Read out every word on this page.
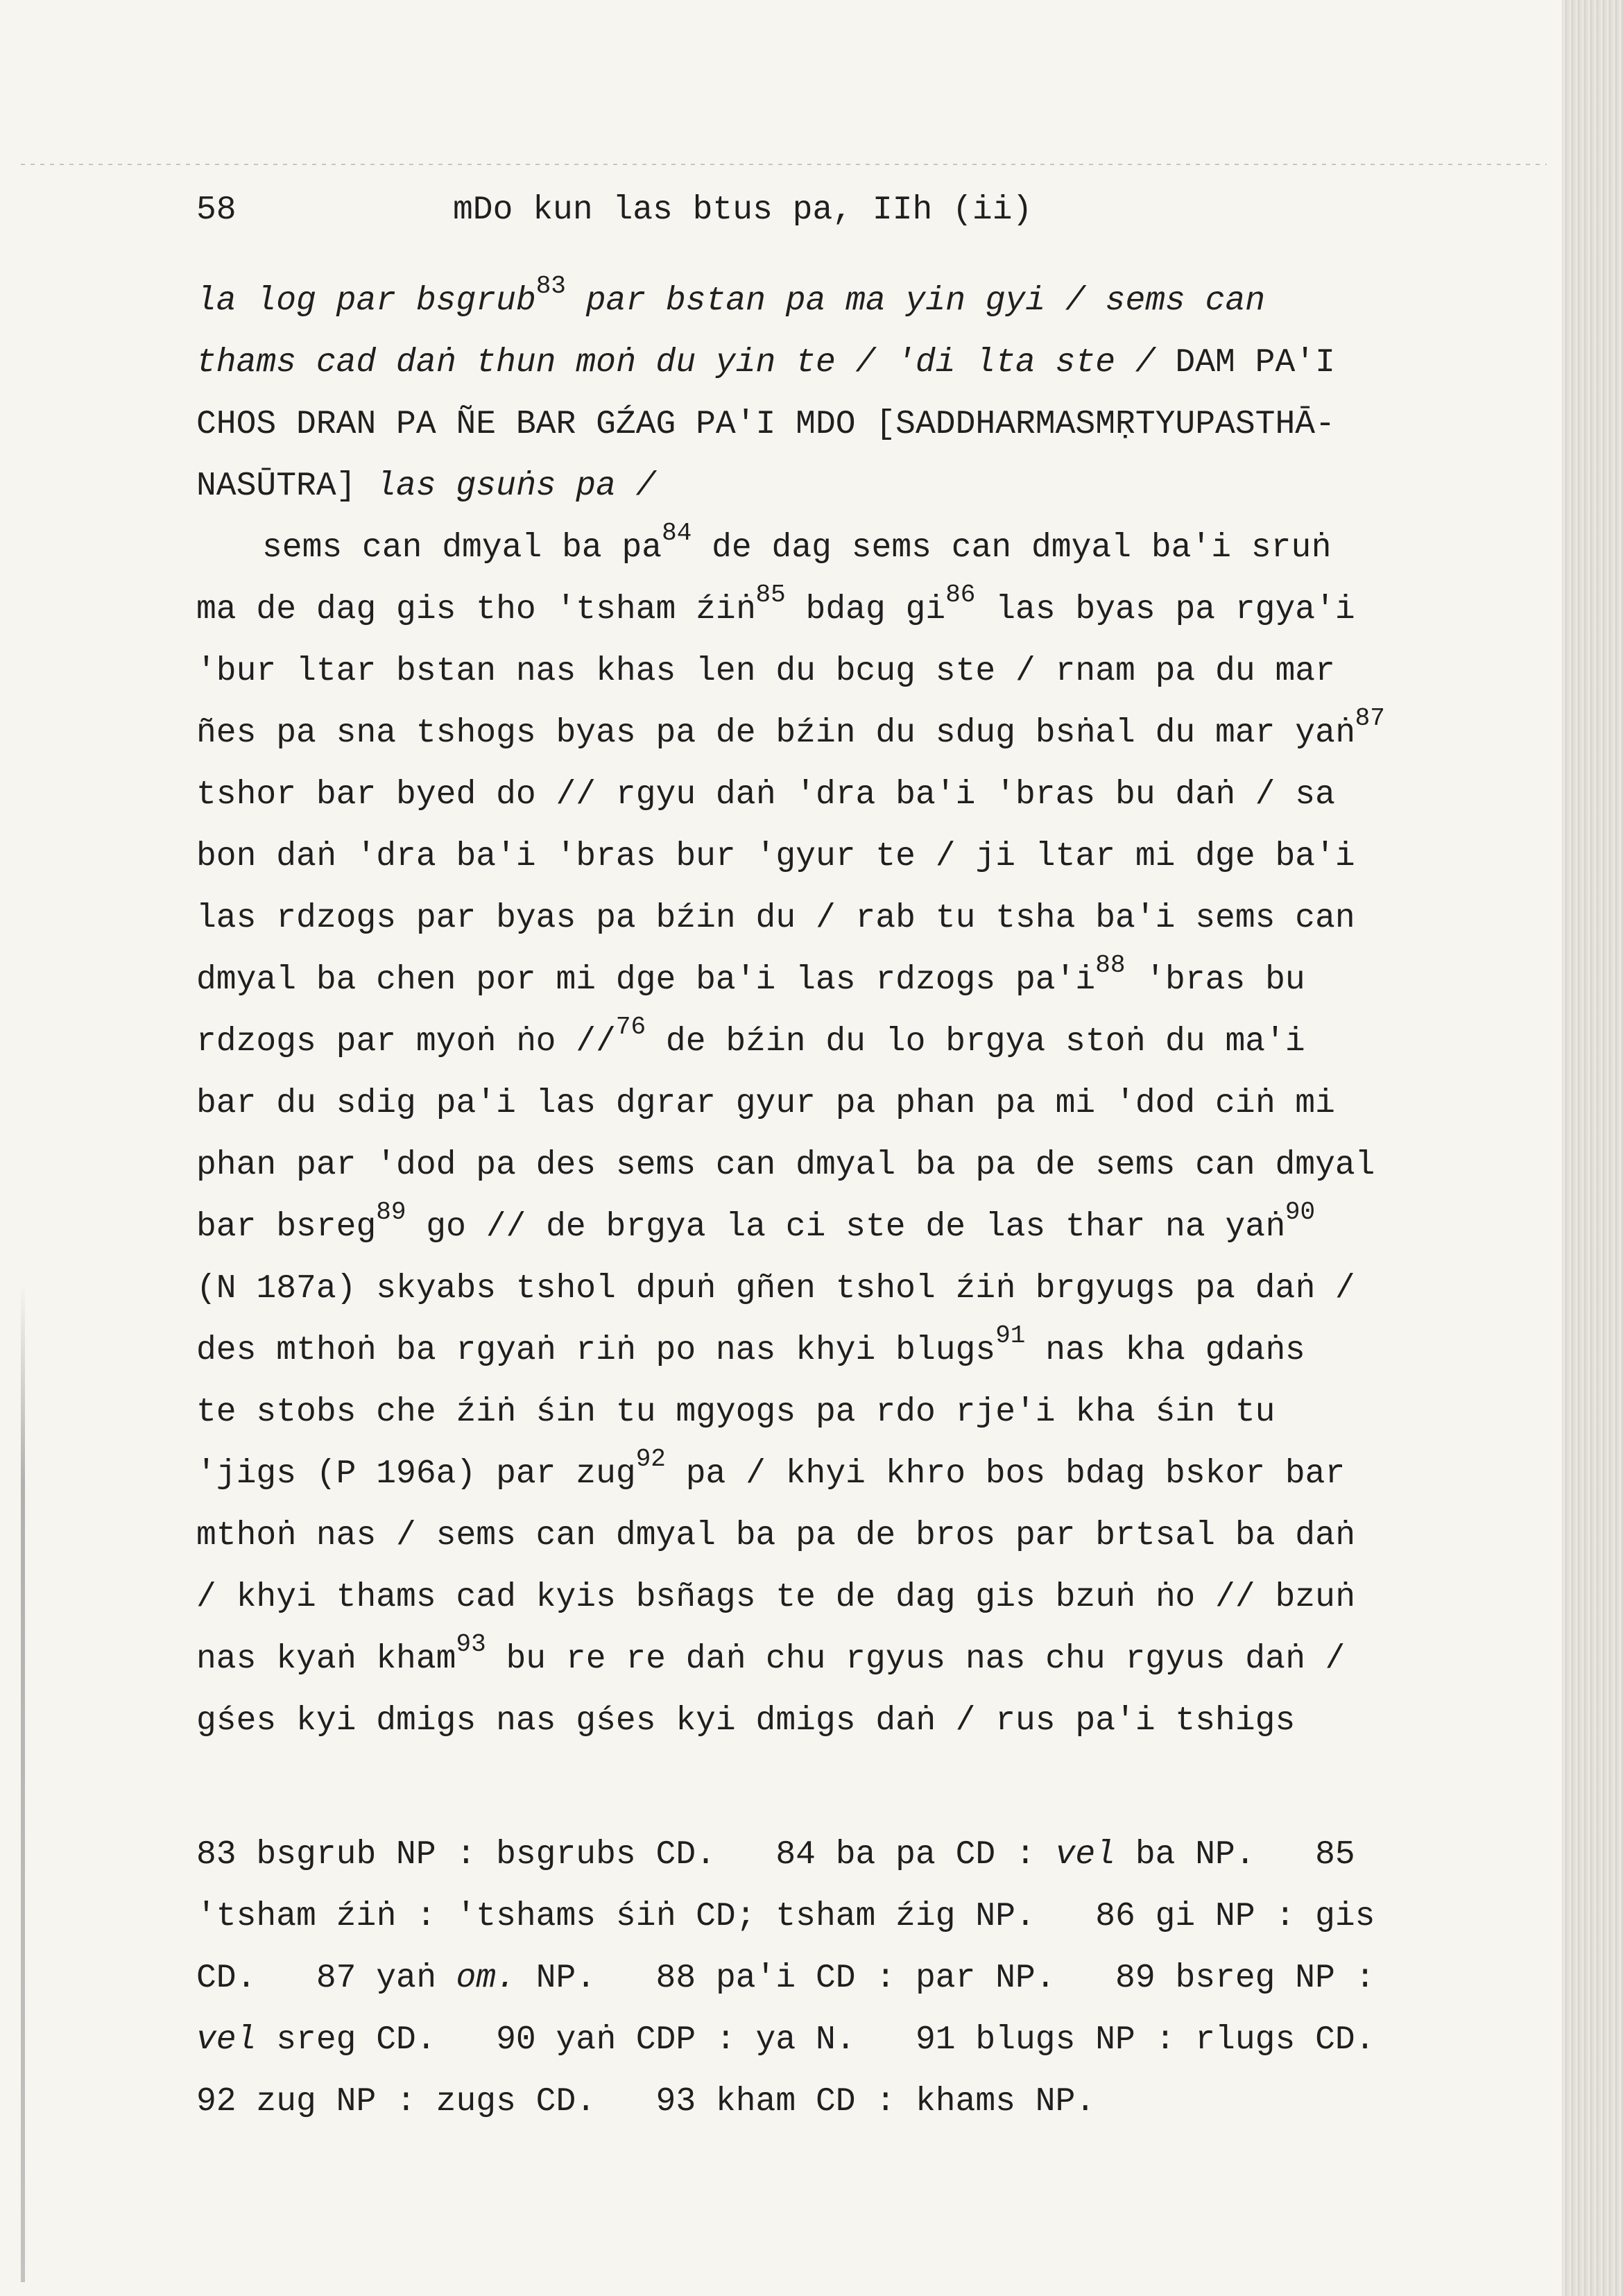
58

	mDo kun las btus pa, IIh (ii)

la log par bsgrub$^{83}$ par bstan pa ma yin gyi / sems can
thams cad daṅ thun moṅ du yin te / 'di lta ste / DAM PA'I
CHOS DRAN PA ÑE BAR GŹAG PA'I MDO [SADDHARMASMṚTYUPASTHĀ-
NASŪTRA] las gsuṅs pa /
sems can dmyal ba $pa^{84}$ de dag sems can dmyal ba'i sruṅ
ma de dag gis tho 'tsham źiṅ$^{85}$ bdag $gi^{86}$ las byas pa rgya'i
'bur ltar bstan nas khas len du bcug ste / rnam pa du mar
ñes pa sna tshogs byas pa de bźin du sdug bsṅal du mar yaṅ$^{87}$
tshor bar byed do // rgyu daṅ 'dra ba'i 'bras bu daṅ / sa
bon daṅ 'dra ba'i 'bras bur 'gyur te / ji ltar mi dge ba'i
las rdzogs par byas pa bźin du / rab tu tsha ba'i sems can
dmyal ba chen por mi dge ba'i las rdzogs $pa'i^{88}$ 'bras bu
rdzogs par myoṅ ṅo //$^{76}$ de bźin du lo brgya stoṅ du ma'i
bar du sdig pa'i las dgrar gyur pa phan pa mi 'dod ciṅ mi
phan par 'dod pa des sems can dmyal ba pa de sems can dmyal
bar bsreg$^{89}$ go // de brgya la ci ste de las thar na yaṅ$^{90}$
(N 187a) skyabs tshol dpuṅ gñen tshol źiṅ brgyugs pa daṅ /
des mthoṅ ba rgyaṅ riṅ po nas khyi blugs$^{91}$ nas kha gdaṅs
te stobs che źiṅ śin tu mgyogs pa rdo rje'i kha śin tu
'jigs (P 196a) par zug$^{92}$ pa / khyi khro bos bdag bskor bar
mthoṅ nas / sems can dmyal ba pa de bros par brtsal ba daṅ
/ khyi thams cad kyis bsñags te de dag gis bzuṅ ṅo // bzuṅ
nas kyaṅ kham$^{93}$ bu re re daṅ chu rgyus nas chu rgyus daṅ /
gśes kyi dmigs nas gśes kyi dmigs daṅ / rus pa'i tshigs
83 bsgrub NP : bsgrubs CD.   84 ba pa CD : vel ba NP.   85
'tsham źiṅ : 'tshams śiṅ CD; tsham źig NP.   86 gi NP : gis
CD.   87 yaṅ om. NP.   88 pa'i CD : par NP.   89 bsreg NP :
vel sreg CD.   90 yaṅ CDP : ya N.   91 blugs NP : rlugs CD.
92 zug NP : zugs CD.   93 kham CD : khams NP.
